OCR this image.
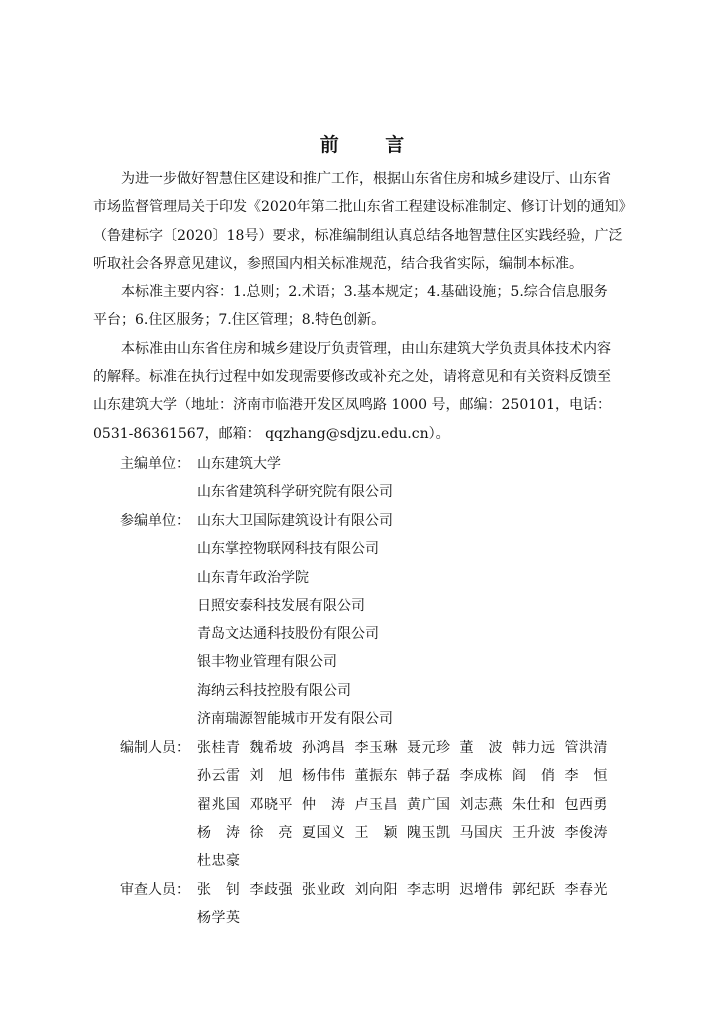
前 言

为进一步做好智慧住区建设和推广工作，根据山东省住房和城乡建设厅、山东省
市场监督管理局关于印发《2020年第二批山东省工程建设标准制定、修订计划的通知》
（鲁建标字〔2020〕18号）要求，标准编制组认真总结各地智慧住区实践经验，广泛
听取社会各界意见建议，参照国内相关标准规范，结合我省实际，编制本标准。

本标准主要内容：1.总则；2.术语；3.基本规定；4.基础设施；5.综合信息服务
平台；6.住区服务；7.住区管理；8.特色创新。

本标准由山东省住房和城乡建设厅负责管理，由山东建筑大学负责具体技术内容
的解释。标准在执行过程中如发现需要修改或补充之处，请将意见和有关资料反馈至
山东建筑大学（地址：济南市临港开发区凤鸣路 1000 号，邮编：250101，电话：
0531-86361567，邮箱： qqzhang@sdjzu.edu.cn）。

主编单位： 山东建筑大学
山东省建筑科学研究院有限公司
参编单位： 山东大卫国际建筑设计有限公司
山东掌控物联网科技有限公司
山东青年政治学院
日照安泰科技发展有限公司
青岛文达通科技股份有限公司
银丰物业管理有限公司
海纳云科技控股有限公司
济南瑞源智能城市开发有限公司
编制人员： 张桂青 魏希坡 孙鸿昌 李玉琳 聂元珍 董　波 韩力远 管洪清
孙云雷 刘　旭 杨伟伟 董振东 韩子磊 李成栋 阎　俏 李　恒
翟兆国 邓晓平 仲　涛 卢玉昌 黄广国 刘志燕 朱仕和 包西勇
杨　涛 徐　亮 夏国义 王　颖 隗玉凯 马国庆 王升波 李俊涛
杜忠豪
审查人员： 张　钊 李歧强 张业政 刘向阳 李志明 迟增伟 郭纪跃 李春光
杨学英
